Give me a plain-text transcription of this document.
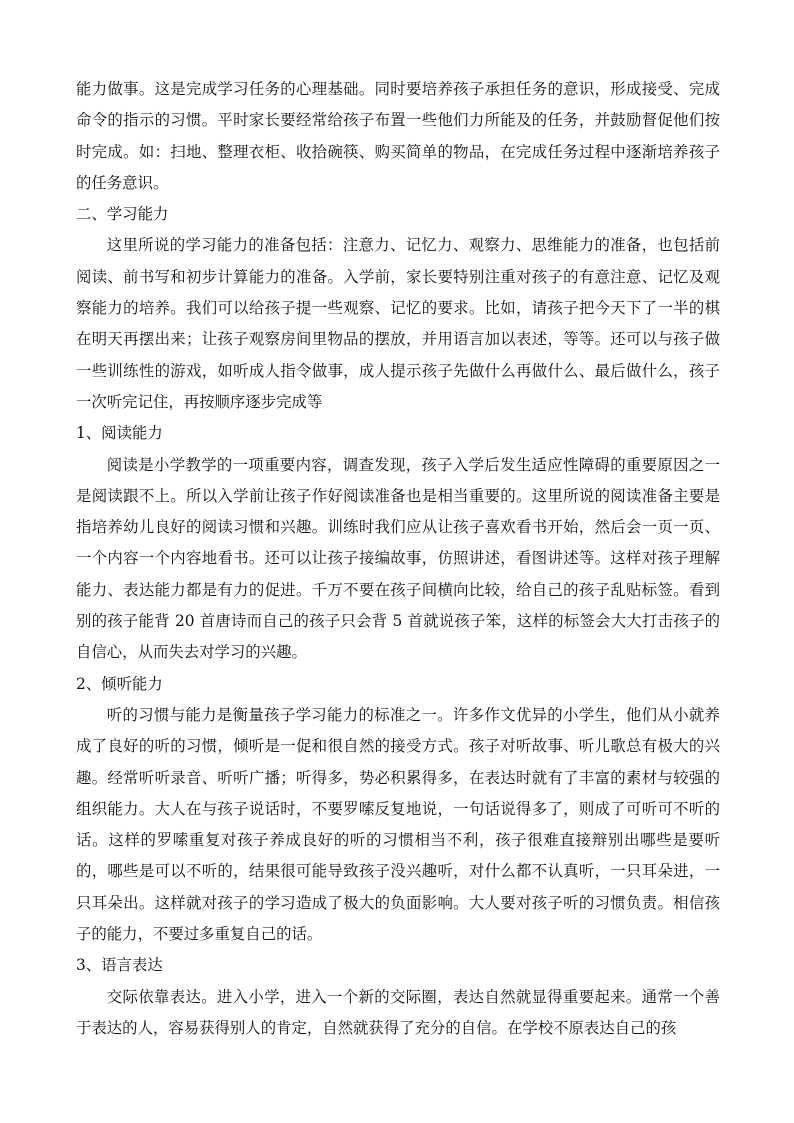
能力做事。这是完成学习任务的心理基础。同时要培养孩子承担任务的意识，形成接受、完成命令的指示的习惯。平时家长要经常给孩子布置一些他们力所能及的任务，并鼓励督促他们按时完成。如：扫地、整理衣柜、收拾碗筷、购买简单的物品，在完成任务过程中逐渐培养孩子的任务意识。

二、学习能力

这里所说的学习能力的准备包括：注意力、记忆力、观察力、思维能力的准备，也包括前阅读、前书写和初步计算能力的准备。入学前，家长要特别注重对孩子的有意注意、记忆及观察能力的培养。我们可以给孩子提一些观察、记忆的要求。比如，请孩子把今天下了一半的棋在明天再摆出来；让孩子观察房间里物品的摆放，并用语言加以表述，等等。还可以与孩子做一些训练性的游戏，如听成人指令做事，成人提示孩子先做什么再做什么、最后做什么，孩子一次听完记住，再按顺序逐步完成等

1、阅读能力

阅读是小学教学的一项重要内容，调查发现，孩子入学后发生适应性障碍的重要原因之一是阅读跟不上。所以入学前让孩子作好阅读准备也是相当重要的。这里所说的阅读准备主要是指培养幼儿良好的阅读习惯和兴趣。训练时我们应从让孩子喜欢看书开始，然后会一页一页、一个内容一个内容地看书。还可以让孩子接编故事，仿照讲述，看图讲述等。这样对孩子理解能力、表达能力都是有力的促进。千万不要在孩子间横向比较，给自己的孩子乱贴标签。看到别的孩子能背 20 首唐诗而自己的孩子只会背 5 首就说孩子笨，这样的标签会大大打击孩子的自信心，从而失去对学习的兴趣。

2、倾听能力

听的习惯与能力是衡量孩子学习能力的标准之一。许多作文优异的小学生，他们从小就养成了良好的听的习惯，倾听是一促和很自然的接受方式。孩子对听故事、听儿歌总有极大的兴趣。经常听听录音、听听广播；听得多，势必积累得多，在表达时就有了丰富的素材与较强的组织能力。大人在与孩子说话时，不要罗嗦反复地说，一句话说得多了，则成了可听可不听的话。这样的罗嗦重复对孩子养成良好的听的习惯相当不利，孩子很难直接辩别出哪些是要听的，哪些是可以不听的，结果很可能导致孩子没兴趣听，对什么都不认真听，一只耳朵进，一只耳朵出。这样就对孩子的学习造成了极大的负面影响。大人要对孩子听的习惯负责。相信孩子的能力，不要过多重复自己的话。

3、语言表达

交际依靠表达。进入小学，进入一个新的交际圈，表达自然就显得重要起来。通常一个善于表达的人，容易获得别人的肯定，自然就获得了充分的自信。在学校不原表达自己的孩
